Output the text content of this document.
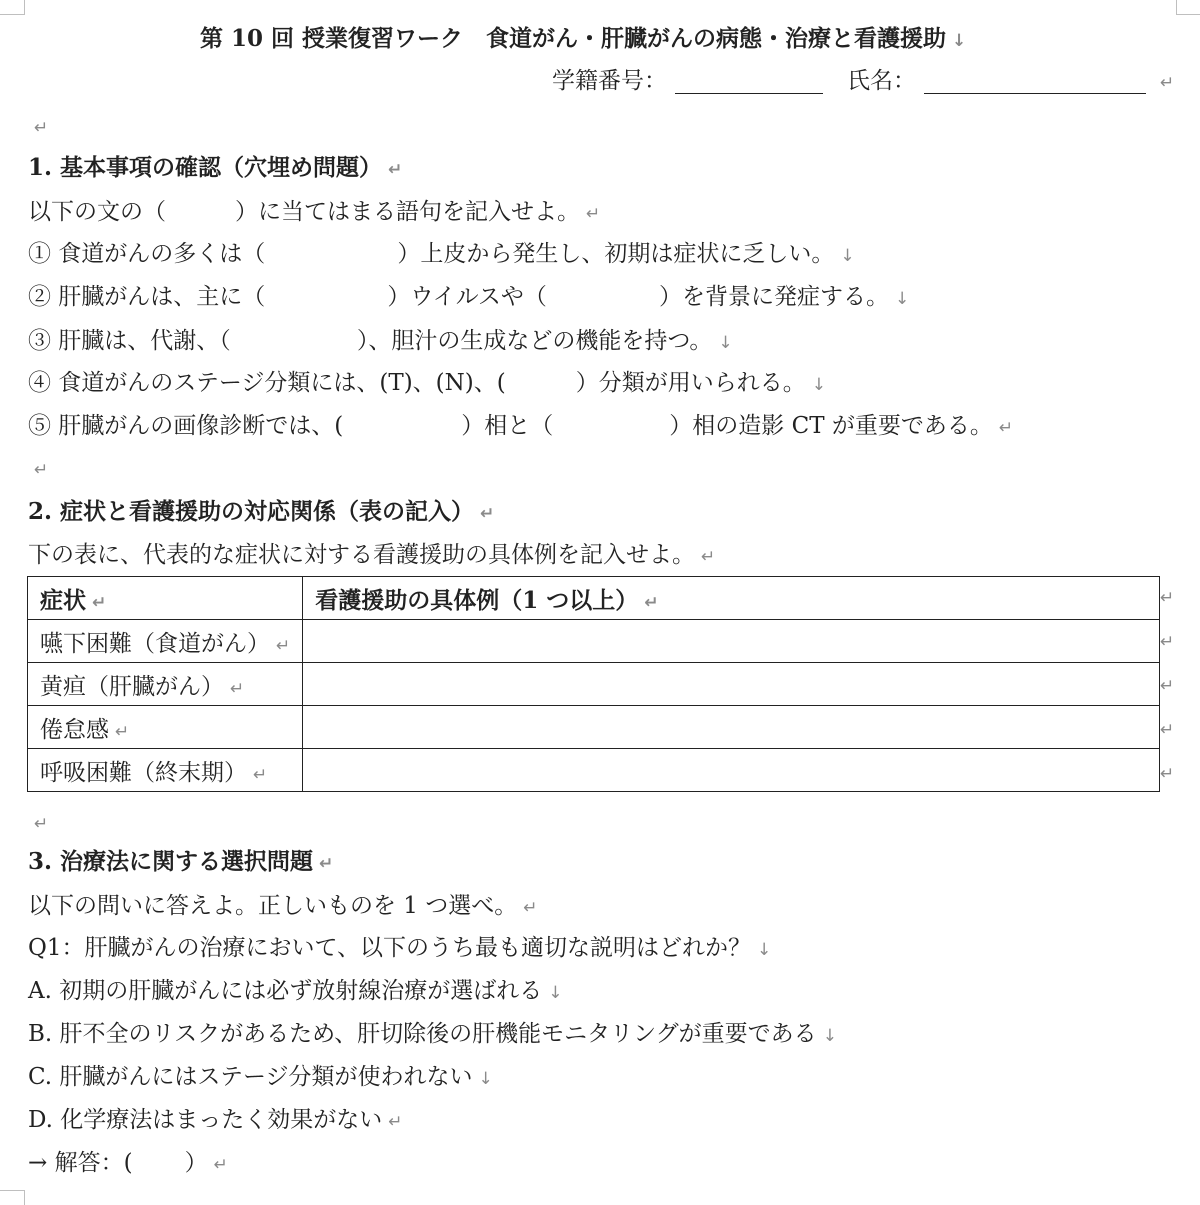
第 10 回 授業復習ワーク　食道がん・肝臓がんの病態・治療と看護援助 ↓
学籍番号：	氏名：	↵
↵
1. 基本事項の確認（穴埋め問題） ↵
以下の文の（　　　）に当てはまる語句を記入せよ。 ↵
① 食道がんの多くは（	）上皮から発生し、初期は症状に乏しい。 ↓
② 肝臓がんは、主に（	）ウイルスや（	）を背景に発症する。 ↓
③ 肝臓は、代謝、（	）、胆汁の生成などの機能を持つ。 ↓
④ 食道がんのステージ分類には、(T)、(N)、(	）分類が用いられる。 ↓
⑤ 肝臓がんの画像診断では、(	）相と（	）相の造影 CT が重要である。 ↵
↵
2. 症状と看護援助の対応関係（表の記入） ↵
下の表に、代表的な症状に対する看護援助の具体例を記入せよ。 ↵
症状 ↵	看護援助の具体例（1 つ以上） ↵
嚥下困難（食道がん） ↵	
黄疸（肝臓がん） ↵	
倦怠感 ↵	
呼吸困難（終末期） ↵	
↵
↵
↵
↵
↵
↵
3. 治療法に関する選択問題 ↵
以下の問いに答えよ。正しいものを 1 つ選べ。 ↵
Q1：肝臓がんの治療において、以下のうち最も適切な説明はどれか？ ↓
A. 初期の肝臓がんには必ず放射線治療が選ばれる ↓
B. 肝不全のリスクがあるため、肝切除後の肝機能モニタリングが重要である ↓
C. 肝臓がんにはステージ分類が使われない ↓
D. 化学療法はまったく効果がない ↵
→ 解答：( ） ↵
